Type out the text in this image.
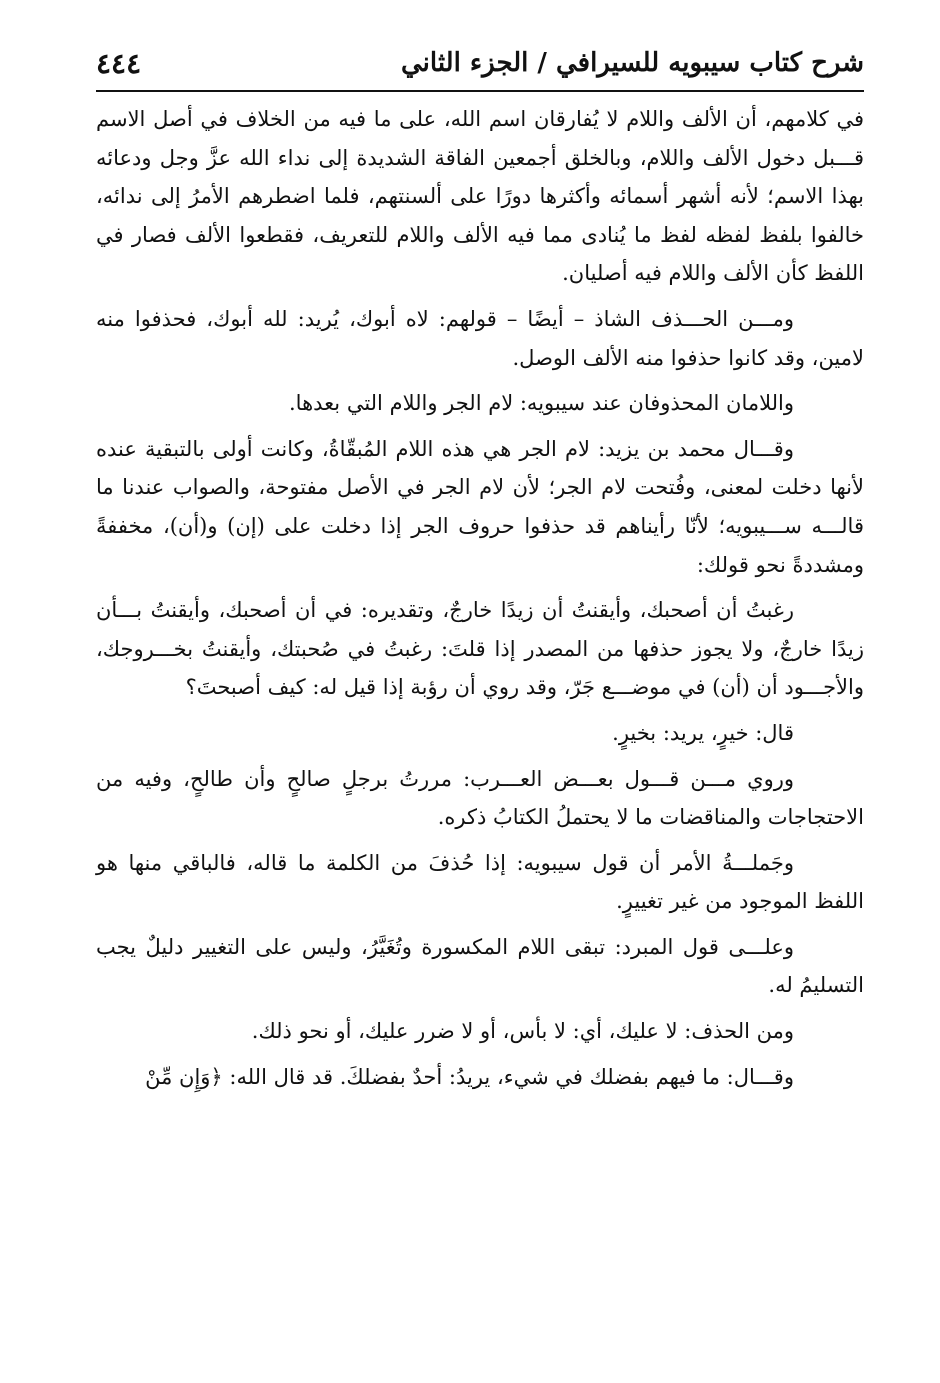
شرح كتاب سيبويه للسيرافي / الجزء الثاني
٤٤٤

في كلامهم، أن الألف واللام لا يُفارقان اسم الله، على ما فيه من الخلاف في أصل الاسم قـــبل دخول الألف واللام، وبالخلق أجمعين الفاقة الشديدة إلى نداء الله عزَّ وجل ودعائه بهذا الاسم؛ لأنه أشهر أسمائه وأكثرها دورًا على ألسنتهم، فلما اضطرهم الأمرُ إلى ندائه، خالفوا بلفظ لفظه لفظ ما يُنادى مما فيه الألف واللام للتعريف، فقطعوا الألف فصار في اللفظ كأن الألف واللام فيه أصليان.

ومـــن الحـــذف الشاذ – أيضًا – قولهم: لاه أبوك، يُريد: لله أبوك، فحذفوا منه لامين، وقد كانوا حذفوا منه الألف الوصل.

واللامان المحذوفان عند سيبويه: لام الجر واللام التي بعدها.

وقـــال محمد بن يزيد: لام الجر هي هذه اللام المُبقّاةُ، وكانت أولى بالتبقية عنده لأنها دخلت لمعنى، وفُتحت لام الجر؛ لأن لام الجر في الأصل مفتوحة، والصواب عندنا ما قالـــه ســـيبويه؛ لأنّا رأيناهم قد حذفوا حروف الجر إذا دخلت على (إن) و(أن)، مخففةً ومشددةً نحو قولك:

رغبتُ أن أصحبك، وأيقنتُ أن زيدًا خارجٌ، وتقديره: في أن أصحبك، وأيقنتُ بـــأن زيدًا خارجٌ، ولا يجوز حذفها من المصدر إذا قلتَ: رغبتُ في صُحبتك، وأيقنتُ بخـــروجك، والأجـــود أن (أن) في موضـــع جَرّ، وقد روي أن رؤبة إذا قيل له: كيف أصبحتَ؟

قال: خيرٍ، يريد: بخيرٍ.

وروي مـــن قـــول بعـــض العـــرب: مررتُ برجلٍ صالحٍ وأن طالحٍ، وفيه من الاحتجاجات والمناقضات ما لا يحتملُ الكتابُ ذكره.

وجَملـــةُ الأمر أن قول سيبويه: إذا حُذفَ من الكلمة ما قاله، فالباقي منها هو اللفظ الموجود من غير تغييرٍ.

وعلـــى قول المبرد: تبقى اللام المكسورة وتُغَيَّرُ، وليس على التغيير دليلٌ يجب التسليمُ له.

ومن الحذف: لا عليك، أي: لا بأس، أو لا ضرر عليك، أو نحو ذلك.

وقـــال: ما فيهم بفضلك في شيء، يريدُ: أحدٌ بفضلكَ. قد قال الله: ﴿وَإِن مِّنْ
